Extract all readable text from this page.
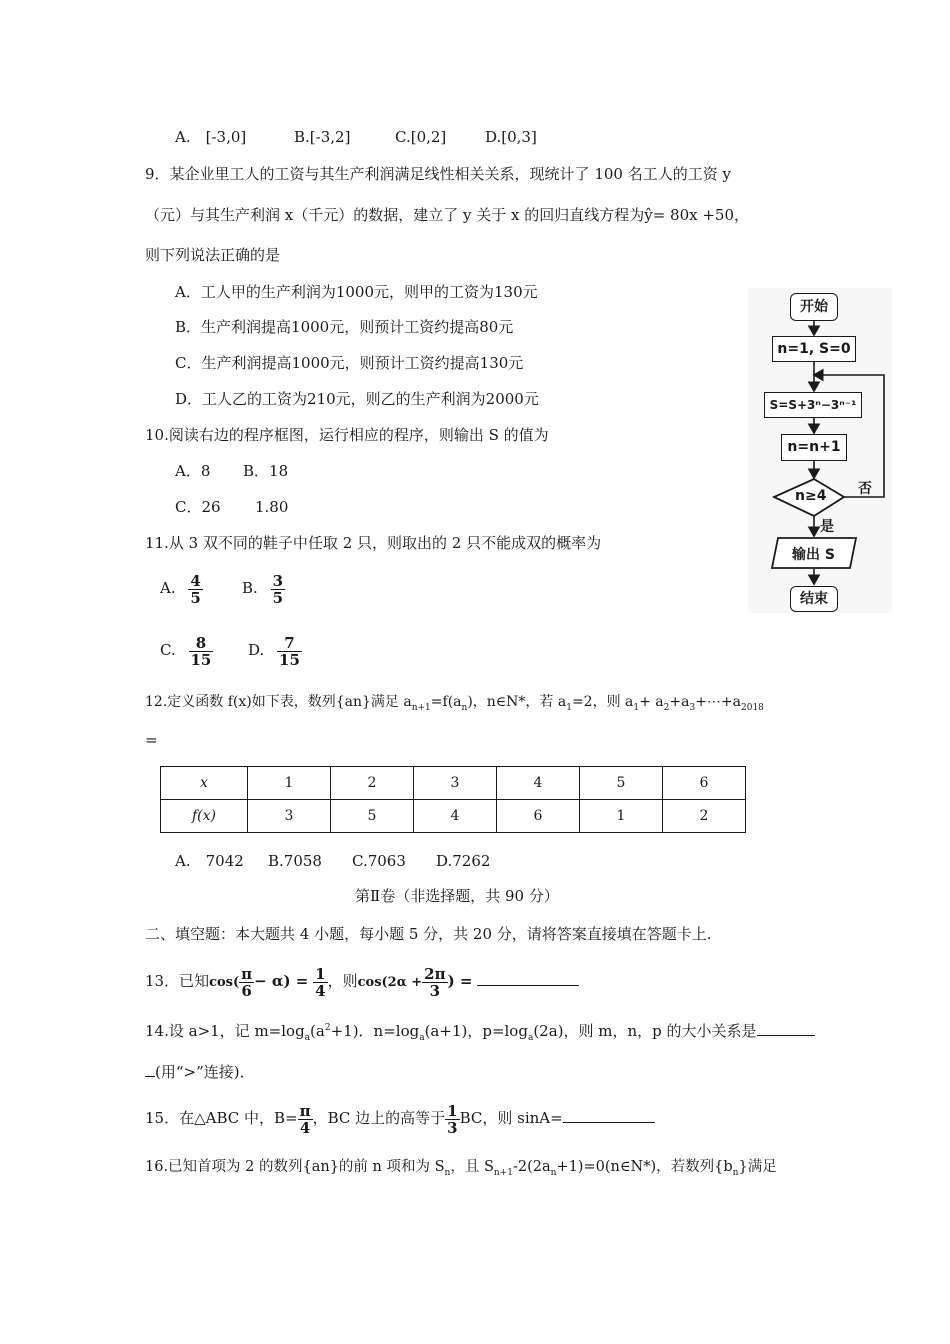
A.　[-3,0]	B.[-3,2]	C.[0,2]	D.[0,3]
9．某企业里工人的工资与其生产利润满足线性相关关系，现统计了 100 名工人的工资 y
（元）与其生产利润 x（千元）的数据，建立了 y 关于 x 的回归直线方程为ŷ= 80x +50，
则下列说法正确的是
A．工人甲的生产利润为1000元，则甲的工资为130元
B．生产利润提高1000元，则预计工资约提高80元
C．生产利润提高1000元，则预计工资约提高130元
D．工人乙的工资为210元，则乙的生产利润为2000元
10.阅读右边的程序框图，运行相应的程序，则输出 S 的值为
A．8 B．18
C．26 1.80
开始
n=1, S=0
S=S+3ⁿ−3ⁿ⁻¹
n=n+1
n≥4 否
是
输出 S
结束
11.从 3 双不同的鞋子中任取 2 只，则取出的 2 只不能成双的概率为
A. $\frac{4}{5}$	B. $\frac{3}{5}$
C. $\frac{8}{15} D$. $\frac{7}{15}$
12.定义函数 f(x)如下表，数列{an}满足 $a_{n+1}=f(a_n)$，n∈N*，若 $a_1=2$，则 $a_1+$ $a_2+a_3+\cdots+a_{2018}$
=
x	1	2	3	4	5	6
f(x)	3	5	4	6	1	2
A.　7042 B.7058 C.7063 D.7262
第Ⅱ卷（非选择题，共 90 分）
二、填空题：本大题共 4 小题，每小题 5 分，共 20 分，请将答案直接填在答题卡上.
13．已知$\cos( \frac{\pi}{6} - \alpha) = \frac{1}{4}$ ，则$\cos(2\alpha + \frac{2\pi}{3}$ ) =
14.设 a>1，记 $m=\log_a(a^2+1)$．$n=\log_a(a+1)$，$p=\log_a(2a)$，则 m，n，p 的大小关系是
(用“>”连接)．
15．在△ABC 中，$B= \frac{\pi}{4}$ ，BC 边上的高等于 $\frac{1}{3}$ BC，则 sinA=
16.已知首项为 2 的数列{an}的前 n 项和为 $S_n$，且 $S_{n+1}-2(2a_n+1)=0(n\in N*)$，若数列$\{b_n\}$满足
